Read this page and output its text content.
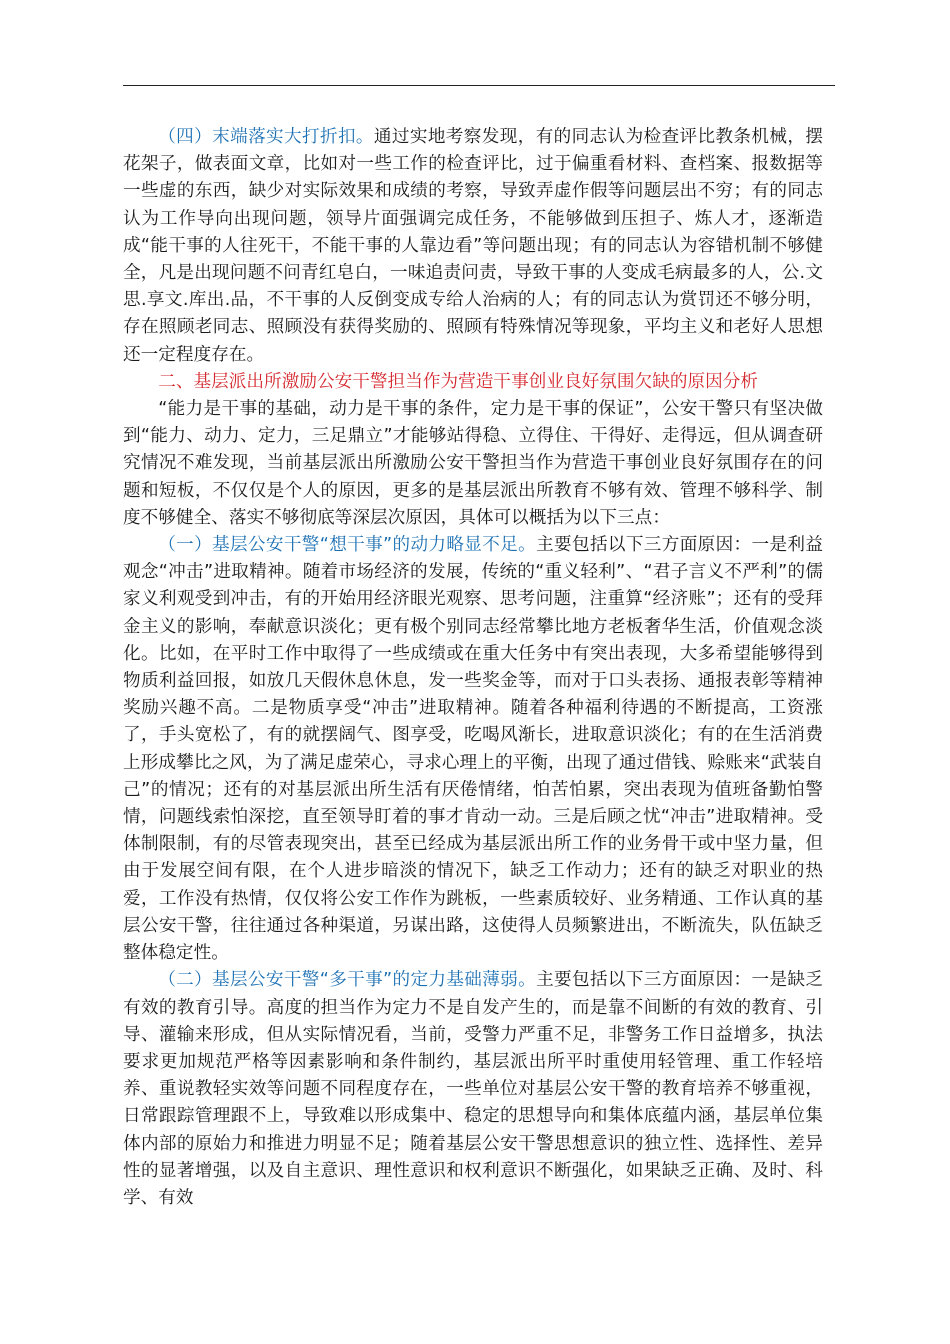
（四）末端落实大打折扣。通过实地考察发现，有的同志认为检查评比教条机械，摆花架子，做表面文章，比如对一些工作的检查评比，过于偏重看材料、查档案、报数据等一些虚的东西，缺少对实际效果和成绩的考察，导致弄虚作假等问题层出不穷；有的同志认为工作导向出现问题，领导片面强调完成任务，不能够做到压担子、炼人才，逐渐造成“能干事的人往死干，不能干事的人靠边看”等问题出现；有的同志认为容错机制不够健全，凡是出现问题不问青红皂白，一味追责问责，导致干事的人变成毛病最多的人，公.文思.享文.库出.品，不干事的人反倒变成专给人治病的人；有的同志认为赏罚还不够分明，存在照顾老同志、照顾没有获得奖励的、照顾有特殊情况等现象，平均主义和老好人思想还一定程度存在。

二、基层派出所激励公安干警担当作为营造干事创业良好氛围欠缺的原因分析

“能力是干事的基础，动力是干事的条件，定力是干事的保证”，公安干警只有坚决做到“能力、动力、定力，三足鼎立”才能够站得稳、立得住、干得好、走得远，但从调查研究情况不难发现，当前基层派出所激励公安干警担当作为营造干事创业良好氛围存在的问题和短板，不仅仅是个人的原因，更多的是基层派出所教育不够有效、管理不够科学、制度不够健全、落实不够彻底等深层次原因，具体可以概括为以下三点：

（一）基层公安干警“想干事”的动力略显不足。主要包括以下三方面原因：一是利益观念“冲击”进取精神。随着市场经济的发展，传统的“重义轻利”、“君子言义不严利”的儒家义利观受到冲击，有的开始用经济眼光观察、思考问题，注重算“经济账”；还有的受拜金主义的影响，奉献意识淡化；更有极个别同志经常攀比地方老板奢华生活，价值观念淡化。比如，在平时工作中取得了一些成绩或在重大任务中有突出表现，大多希望能够得到物质利益回报，如放几天假休息休息，发一些奖金等，而对于口头表扬、通报表彰等精神奖励兴趣不高。二是物质享受“冲击”进取精神。随着各种福利待遇的不断提高，工资涨了，手头宽松了，有的就摆阔气、图享受，吃喝风渐长，进取意识淡化；有的在生活消费上形成攀比之风，为了满足虚荣心，寻求心理上的平衡，出现了通过借钱、赊账来“武装自己”的情况；还有的对基层派出所生活有厌倦情绪，怕苦怕累，突出表现为值班备勤怕警情，问题线索怕深挖，直至领导盯着的事才肯动一动。三是后顾之忧“冲击”进取精神。受体制限制，有的尽管表现突出，甚至已经成为基层派出所工作的业务骨干或中坚力量，但由于发展空间有限，在个人进步暗淡的情况下，缺乏工作动力；还有的缺乏对职业的热爱，工作没有热情，仅仅将公安工作作为跳板，一些素质较好、业务精通、工作认真的基层公安干警，往往通过各种渠道，另谋出路，这使得人员频繁进出，不断流失，队伍缺乏整体稳定性。

（二）基层公安干警“多干事”的定力基础薄弱。主要包括以下三方面原因：一是缺乏有效的教育引导。高度的担当作为定力不是自发产生的，而是靠不间断的有效的教育、引导、灌输来形成，但从实际情况看，当前，受警力严重不足，非警务工作日益增多，执法要求更加规范严格等因素影响和条件制约，基层派出所平时重使用轻管理、重工作轻培养、重说教轻实效等问题不同程度存在，一些单位对基层公安干警的教育培养不够重视，日常跟踪管理跟不上，导致难以形成集中、稳定的思想导向和集体底蕴内涵，基层单位集体内部的原始力和推进力明显不足；随着基层公安干警思想意识的独立性、选择性、差异性的显著增强，以及自主意识、理性意识和权利意识不断强化，如果缺乏正确、及时、科学、有效
